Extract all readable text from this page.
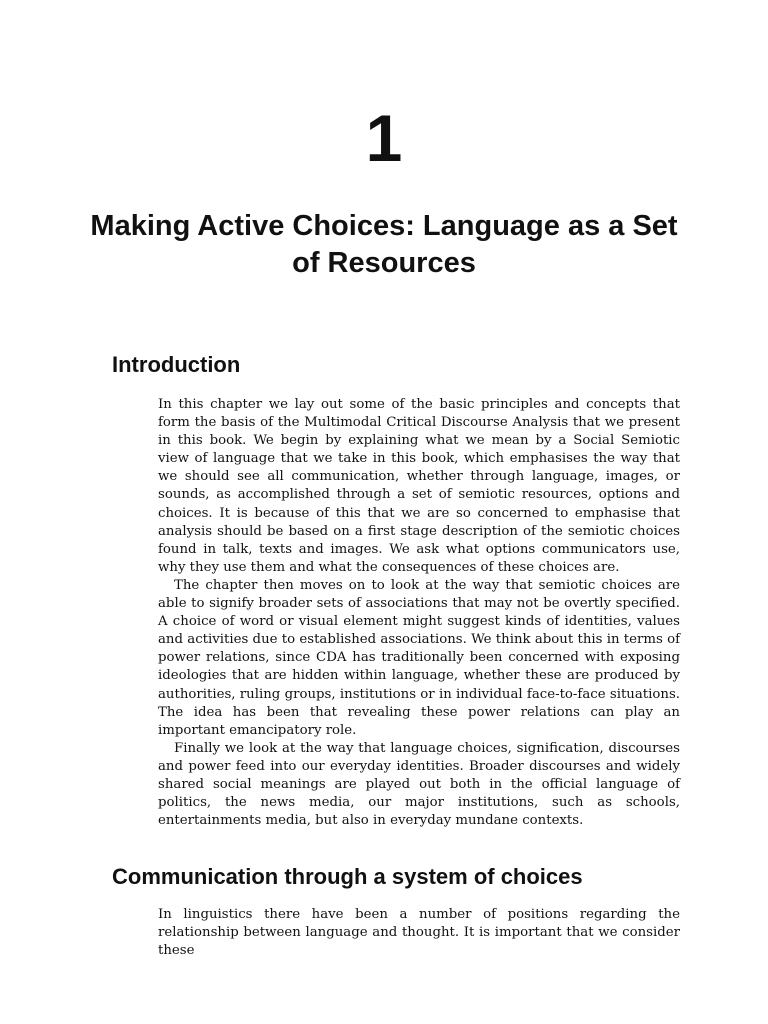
1
Making Active Choices: Language as a Set of Resources
Introduction

In this chapter we lay out some of the basic principles and concepts that form the basis of the Multimodal Critical Discourse Analysis that we present in this book. We begin by explaining what we mean by a Social Semiotic view of language that we take in this book, which emphasises the way that we should see all communication, whether through language, images, or sounds, as accomplished through a set of semiotic resources, options and choices. It is because of this that we are so concerned to emphasise that analysis should be based on a first stage description of the semiotic choices found in talk, texts and images. We ask what options communicators use, why they use them and what the consequences of these choices are.

The chapter then moves on to look at the way that semiotic choices are able to signify broader sets of associations that may not be overtly specified. A choice of word or visual element might suggest kinds of identities, values and activities due to established associations. We think about this in terms of power relations, since CDA has traditionally been concerned with exposing ideologies that are hidden within language, whether these are produced by authorities, ruling groups, institutions or in individual face-to-face situations. The idea has been that revealing these power relations can play an important emancipatory role.

Finally we look at the way that language choices, signification, discourses and power feed into our everyday identities. Broader discourses and widely shared social meanings are played out both in the official language of politics, the news media, our major institutions, such as schools, entertainments media, but also in everyday mundane contexts.

Communication through a system of choices

In linguistics there have been a number of positions regarding the relationship between language and thought. It is important that we consider these
